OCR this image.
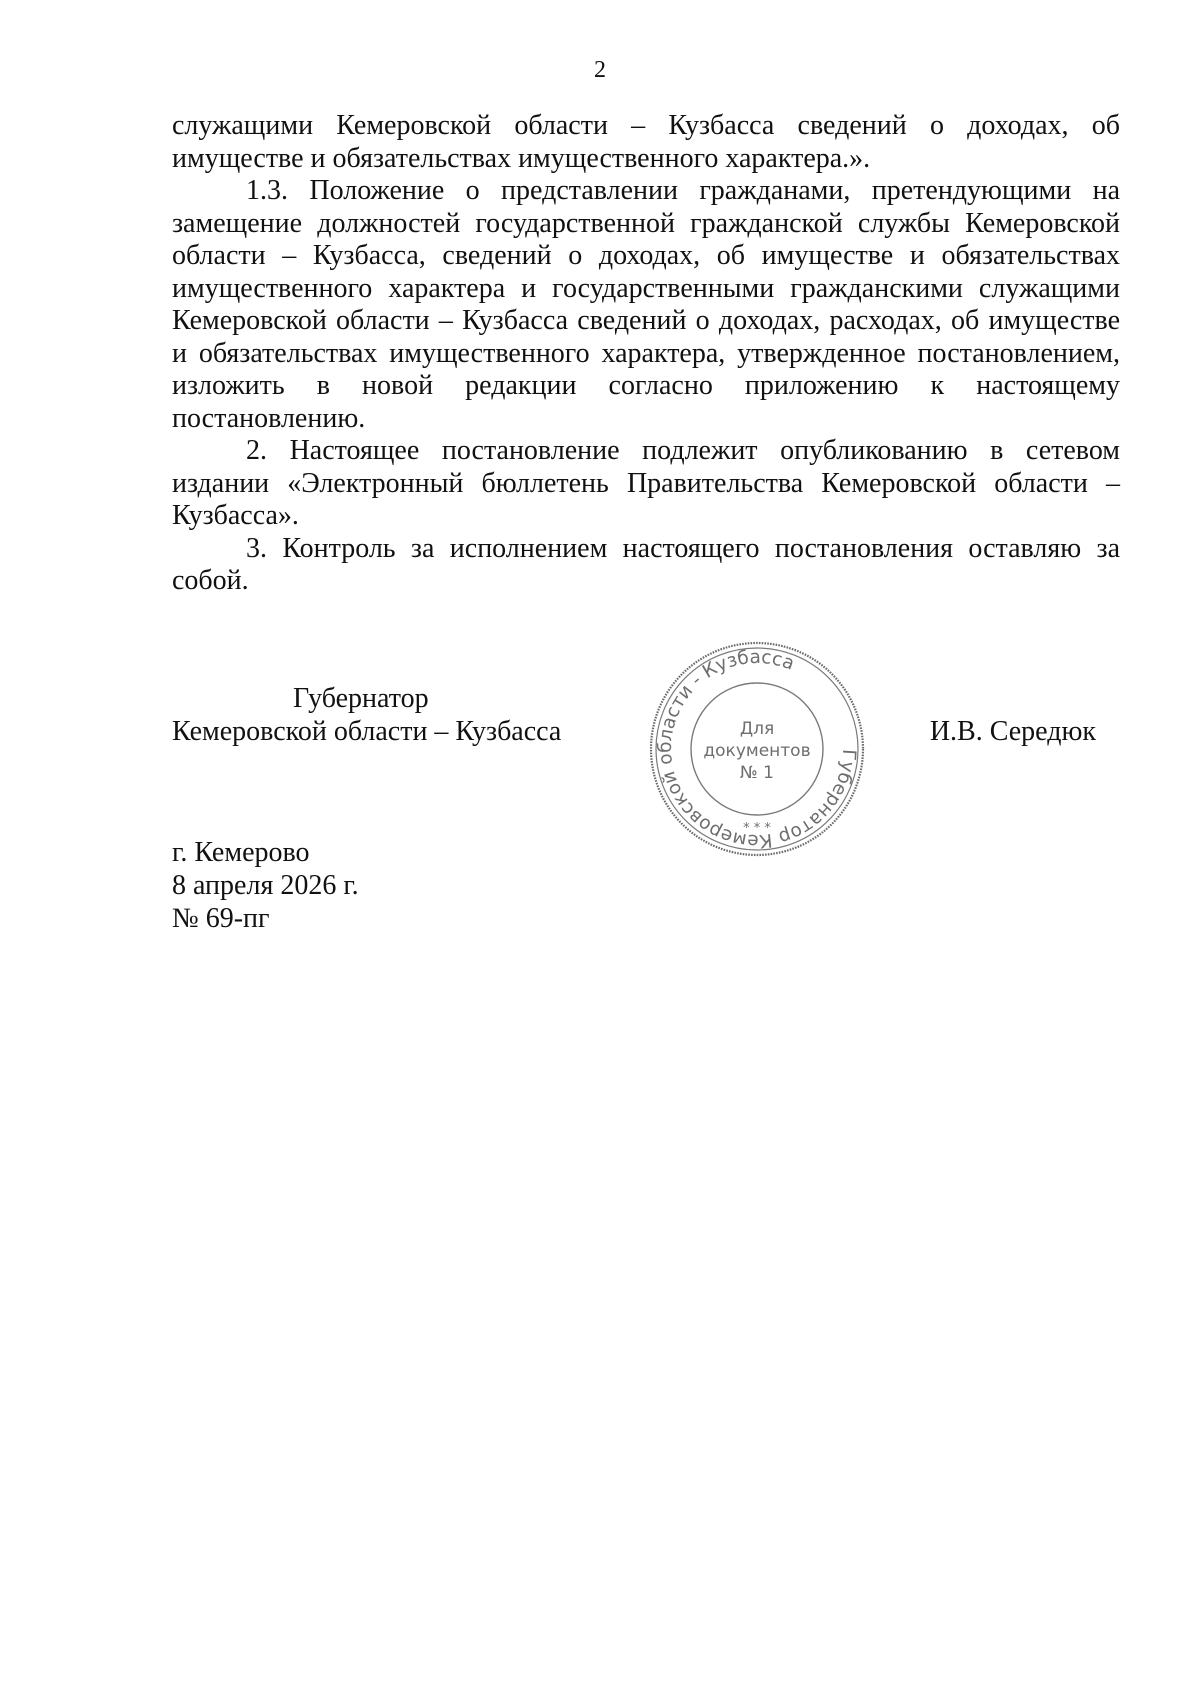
2

служащими Кемеровской области – Кузбасса сведений о доходах, об имуществе и обязательствах имущественного характера.».

1.3. Положение о представлении гражданами, претендующими на замещение должностей государственной гражданской службы Кемеровской области – Кузбасса, сведений о доходах, об имуществе и обязательствах имущественного характера и государственными гражданскими служащими Кемеровской области – Кузбасса сведений о доходах, расходах, об имуществе и обязательствах имущественного характера, утвержденное постановлением, изложить в новой редакции согласно приложению к настоящему постановлению.

2. Настоящее постановление подлежит опубликованию в сетевом издании «Электронный бюллетень Правительства Кемеровской области – Кузбасса».

3. Контроль за исполнением настоящего постановления оставляю за собой.

Губернатор
Кемеровской области – Кузбасса	И.В. Середюк
Губернатор Кемеровской области - Кузбасса
* * *
Для
документов
№ 1
г. Кемерово
8 апреля 2026 г.
№ 69-пг
